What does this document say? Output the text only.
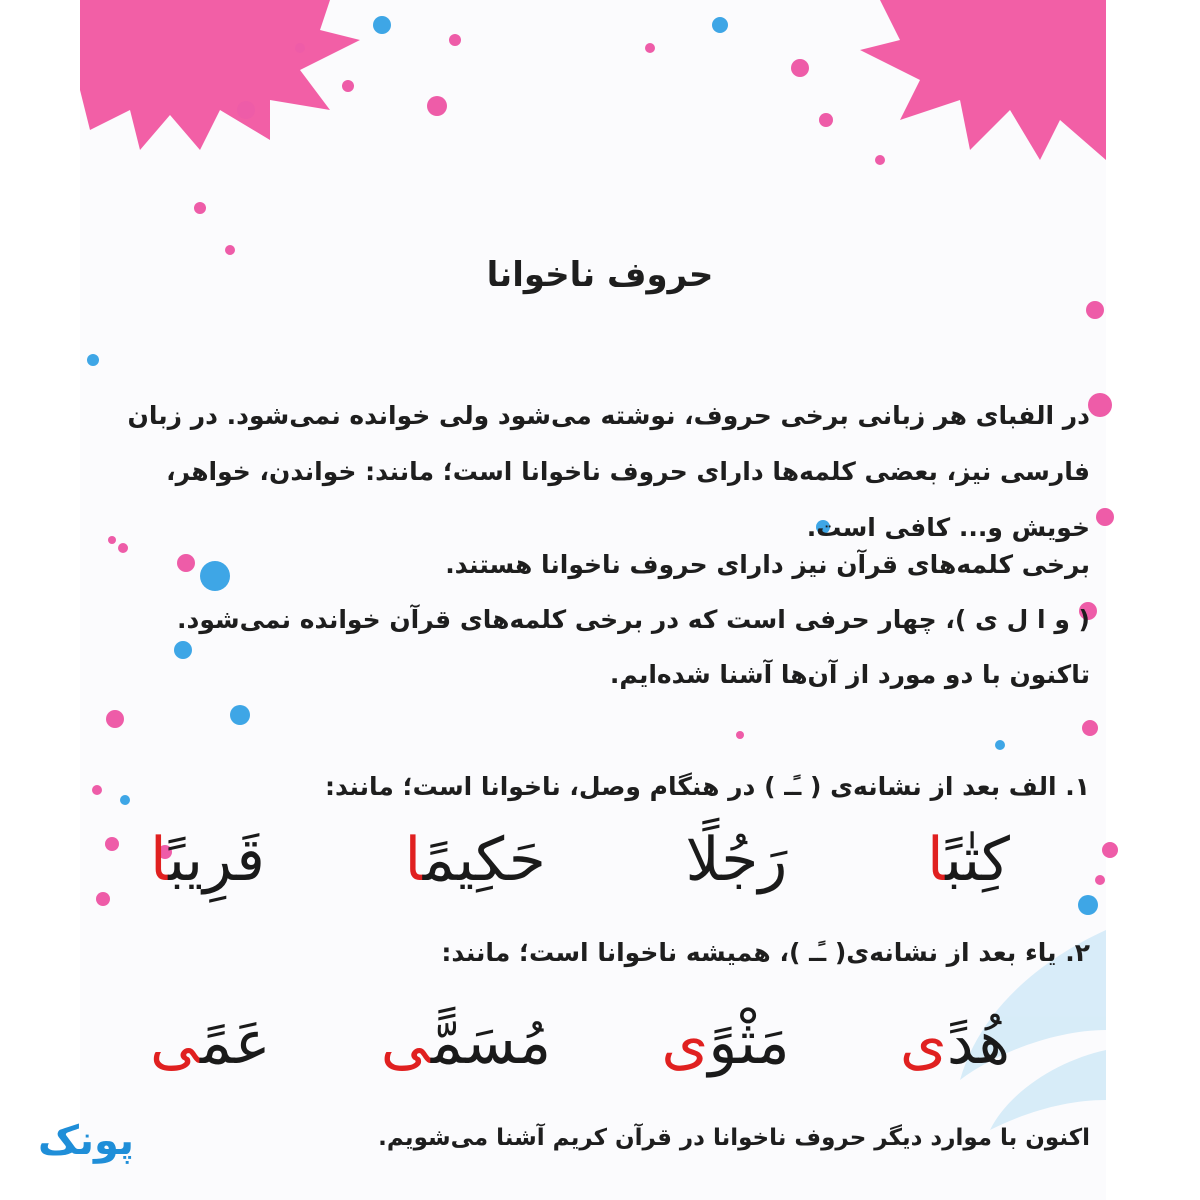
حروف ناخوانا
در الفبای هر زبانی برخی حروف، نوشته می‌شود ولی خوانده نمی‌شود. در زبان فارسی نیز، بعضی کلمه‌ها دارای حروف ناخوانا است؛ مانند: خواندن، خواهر، خویش و... کافی است.
برخی کلمه‌های قرآن نیز دارای حروف ناخوانا هستند.
( و ا ل ی )، چهار حرفی است که در برخی کلمه‌های قرآن خوانده نمی‌شود.
تاکنون با دو مورد از آن‌ها آشنا شده‌ایم.
۱. الف بعد از نشانه‌ی ( ـًـ ) در هنگام وصل، ناخوانا است؛ مانند:
كِتٰبًا
رَجُلً
حَكِيمًا
قَرِيبًا
۲. یاء بعد از نشانه‌ی( ـًـ )، همیشه ناخوانا است؛ مانند:
هُدًى
مَثْوًى
مُسَمًّى
عَمًى
اکنون با موارد دیگر حروف ناخوانا در قرآن کریم آشنا می‌شویم.
پونک
